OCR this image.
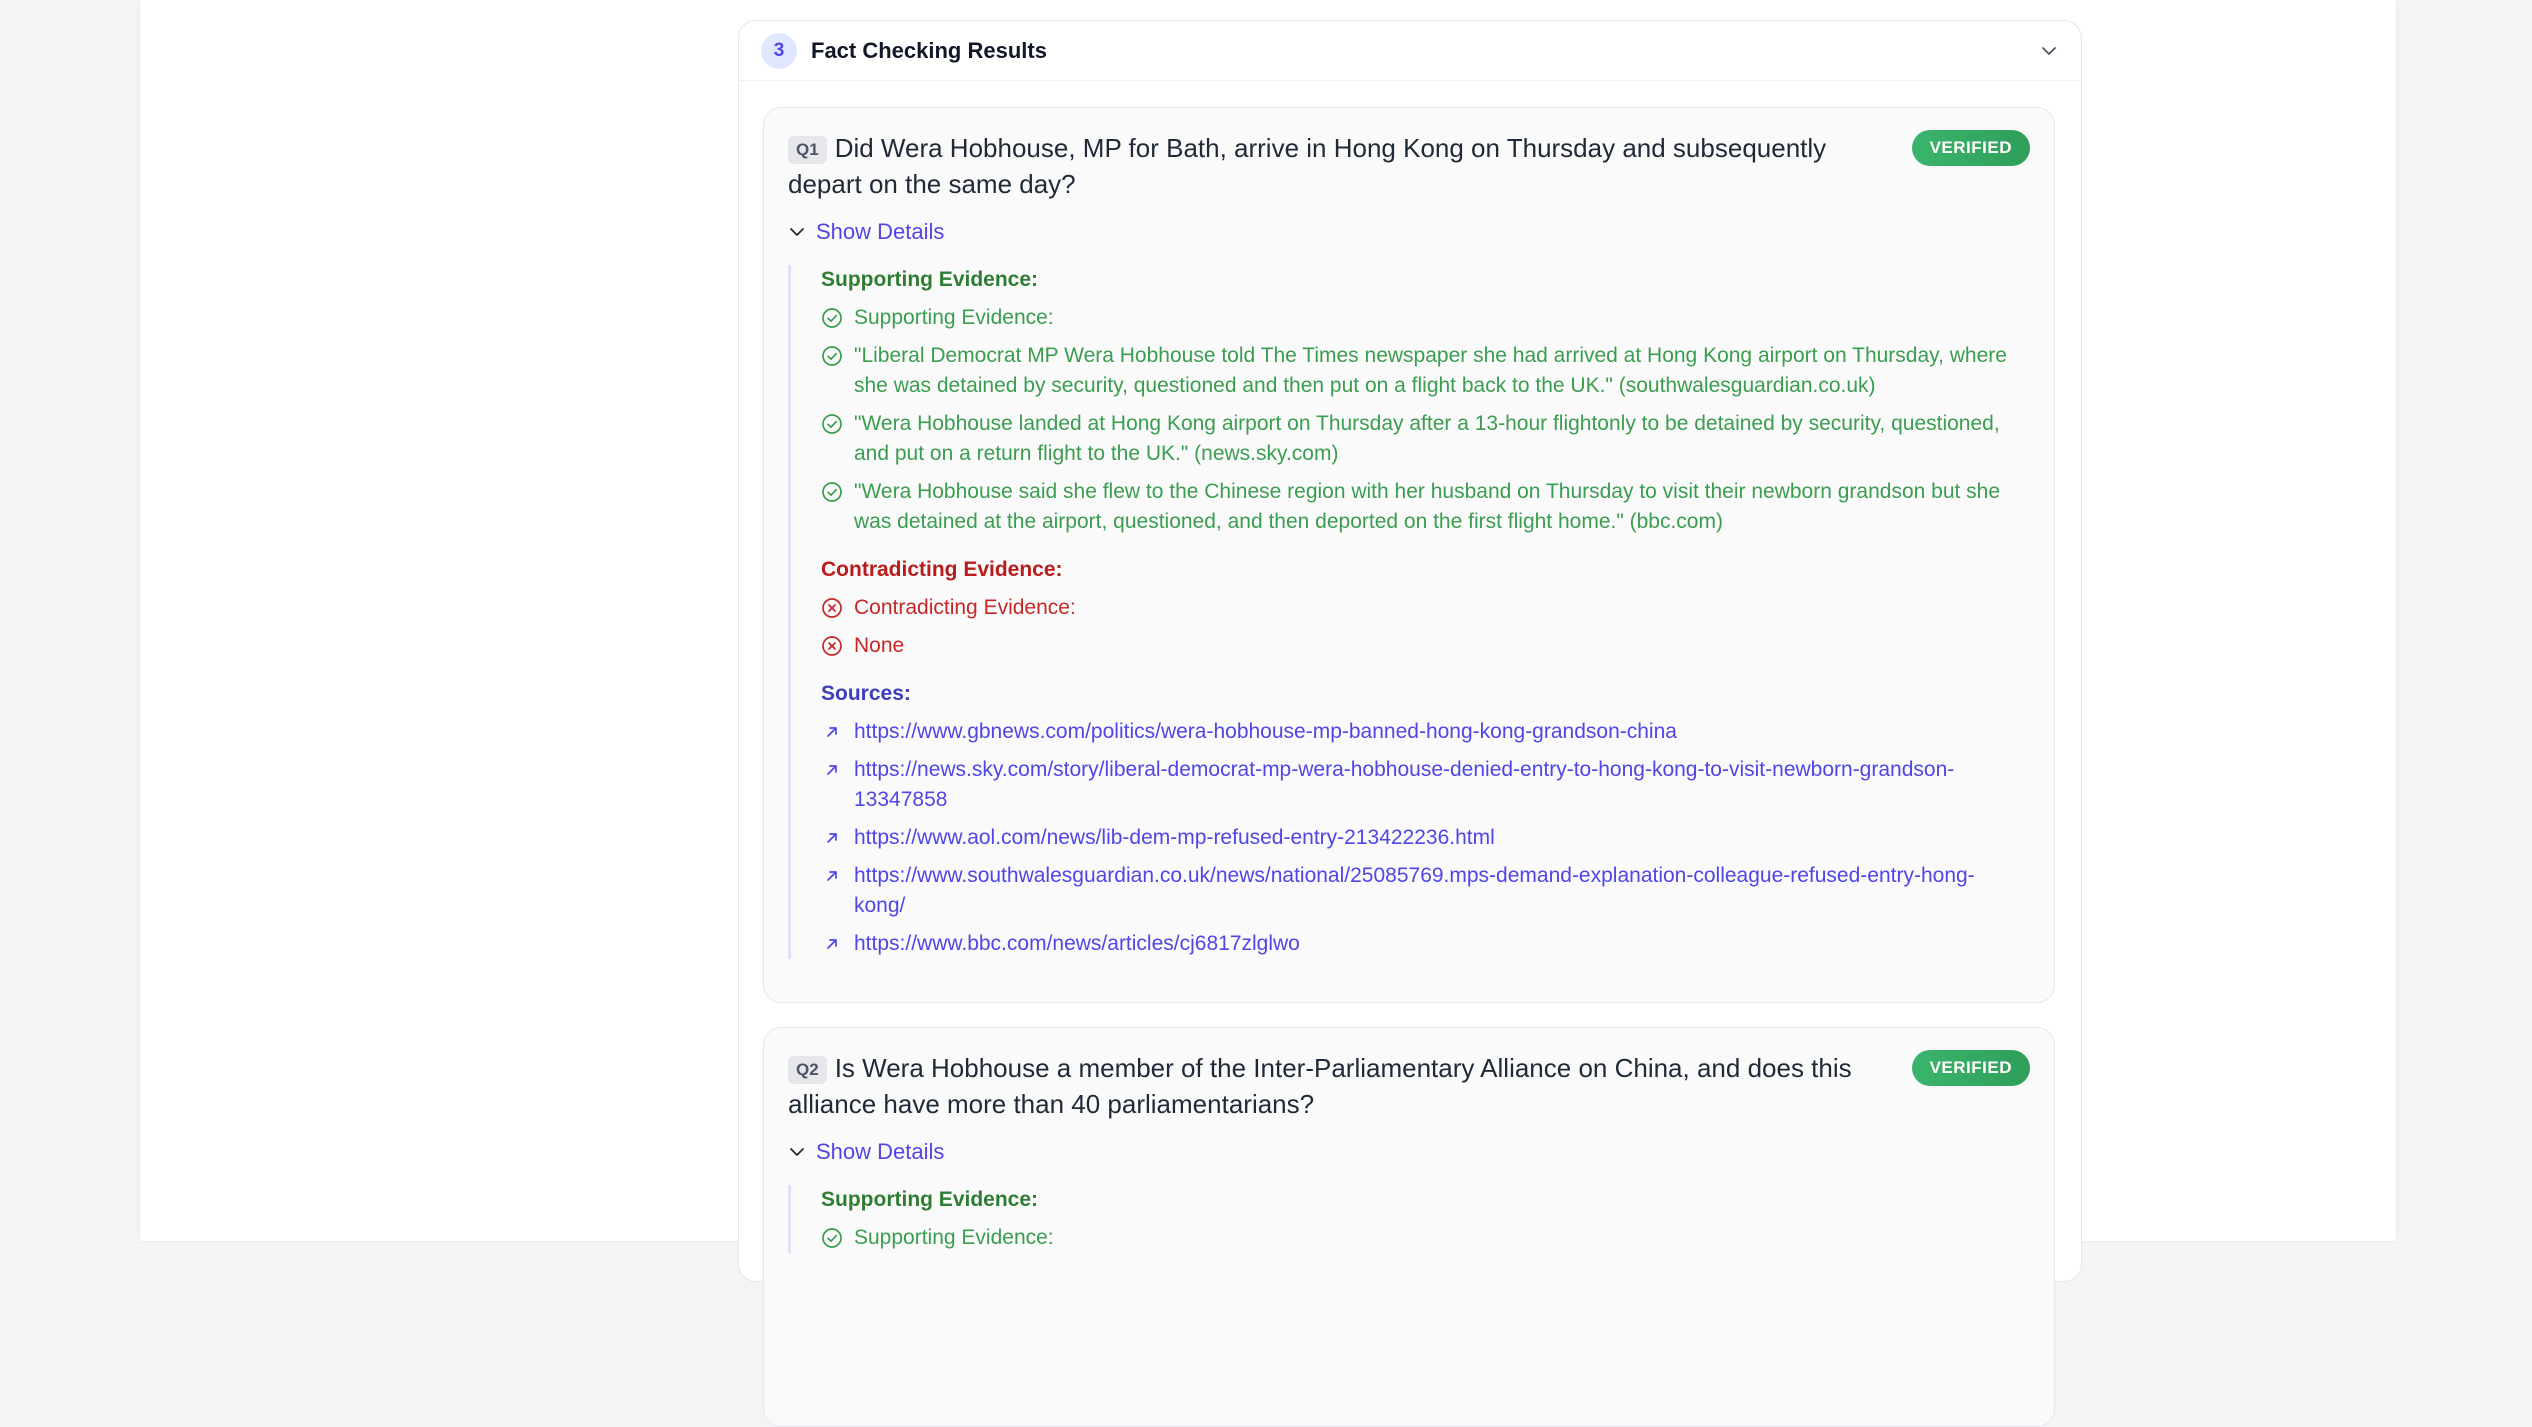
3	Fact Checking Results
Q1 Did Wera Hobhouse, MP for Bath, arrive in Hong Kong on Thursday and subsequently depart on the same day?
VERIFIED
Show Details
Supporting Evidence:
Supporting Evidence:
"Liberal Democrat MP Wera Hobhouse told The Times newspaper she had arrived at Hong Kong airport on Thursday, where she was detained by security, questioned and then put on a flight back to the UK." (southwalesguardian.co.uk)
"Wera Hobhouse landed at Hong Kong airport on Thursday after a 13-hour flightonly to be detained by security, questioned, and put on a return flight to the UK." (news.sky.com)
"Wera Hobhouse said she flew to the Chinese region with her husband on Thursday to visit their newborn grandson but she was detained at the airport, questioned, and then deported on the first flight home." (bbc.com)
Contradicting Evidence:
Contradicting Evidence:
None
Sources:
https://www.gbnews.com/politics/wera-hobhouse-mp-banned-hong-kong-grandson-china
https://news.sky.com/story/liberal-democrat-mp-wera-hobhouse-denied-entry-to-hong-kong-to-visit-newborn-grandson-13347858
https://www.aol.com/news/lib-dem-mp-refused-entry-213422236.html
https://www.southwalesguardian.co.uk/news/national/25085769.mps-demand-explanation-colleague-refused-entry-hong-kong/
https://www.bbc.com/news/articles/cj6817zlglwo
Q2 Is Wera Hobhouse a member of the Inter-Parliamentary Alliance on China, and does this alliance have more than 40 parliamentarians?
VERIFIED
Show Details
Supporting Evidence:
Supporting Evidence:
